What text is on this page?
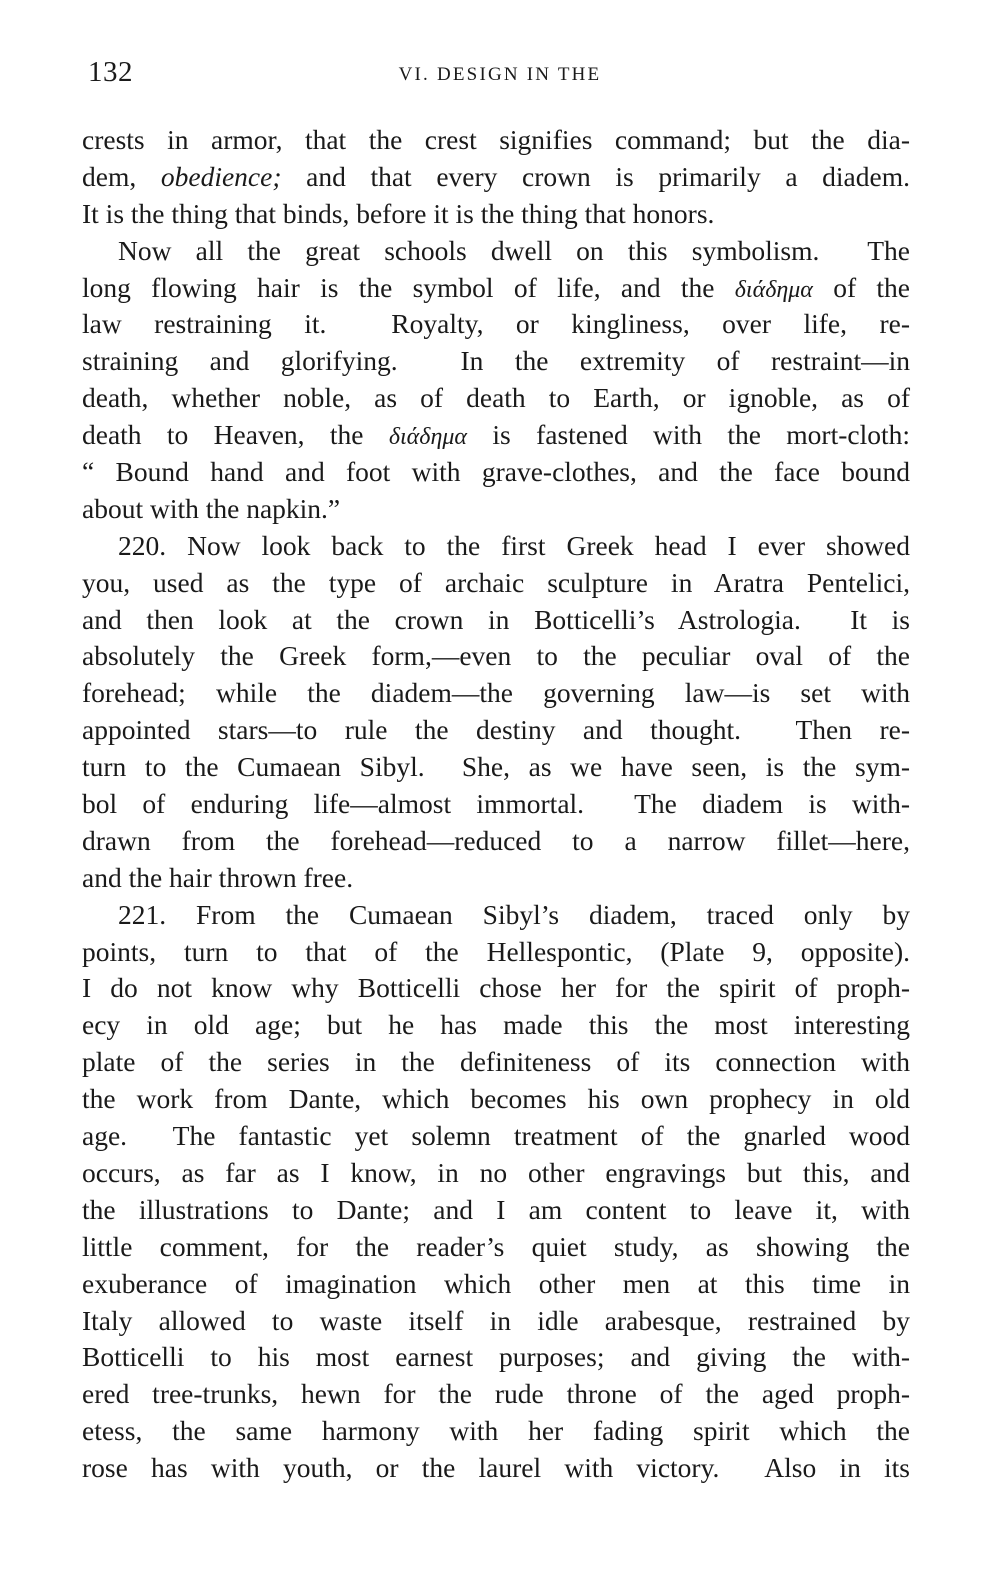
132	VI. DESIGN IN THE
crests in armor, that the crest signifies command; but the dia-
dem, obedience; and that every crown is primarily a diadem.
It is the thing that binds, before it is the thing that honors.
Now all the great schools dwell on this symbolism.  The
long flowing hair is the symbol of life, and the διάδημα of the
law restraining it.  Royalty, or kingliness, over life, re-
straining and glorifying.  In the extremity of restraint—in
death, whether noble, as of death to Earth, or ignoble, as of
death to Heaven, the διάδημα is fastened with the mort-cloth:
“ Bound hand and foot with grave-clothes, and the face bound
about with the napkin.”
220. Now look back to the first Greek head I ever showed
you, used as the type of archaic sculpture in Aratra Pentelici,
and then look at the crown in Botticelli’s Astrologia.  It is
absolutely the Greek form,—even to the peculiar oval of the
forehead; while the diadem—the governing law—is set with
appointed stars—to rule the destiny and thought.  Then re-
turn to the Cumaean Sibyl.  She, as we have seen, is the sym-
bol of enduring life—almost immortal.  The diadem is with-
drawn from the forehead—reduced to a narrow fillet—here,
and the hair thrown free.
221. From the Cumaean Sibyl’s diadem, traced only by
points, turn to that of the Hellespontic, (Plate 9, opposite).
I do not know why Botticelli chose her for the spirit of proph-
ecy in old age; but he has made this the most interesting
plate of the series in the definiteness of its connection with
the work from Dante, which becomes his own prophecy in old
age.  The fantastic yet solemn treatment of the gnarled wood
occurs, as far as I know, in no other engravings but this, and
the illustrations to Dante; and I am content to leave it, with
little comment, for the reader’s quiet study, as showing the
exuberance of imagination which other men at this time in
Italy allowed to waste itself in idle arabesque, restrained by
Botticelli to his most earnest purposes; and giving the with-
ered tree-trunks, hewn for the rude throne of the aged proph-
etess, the same harmony with her fading spirit which the
rose has with youth, or the laurel with victory.  Also in its
